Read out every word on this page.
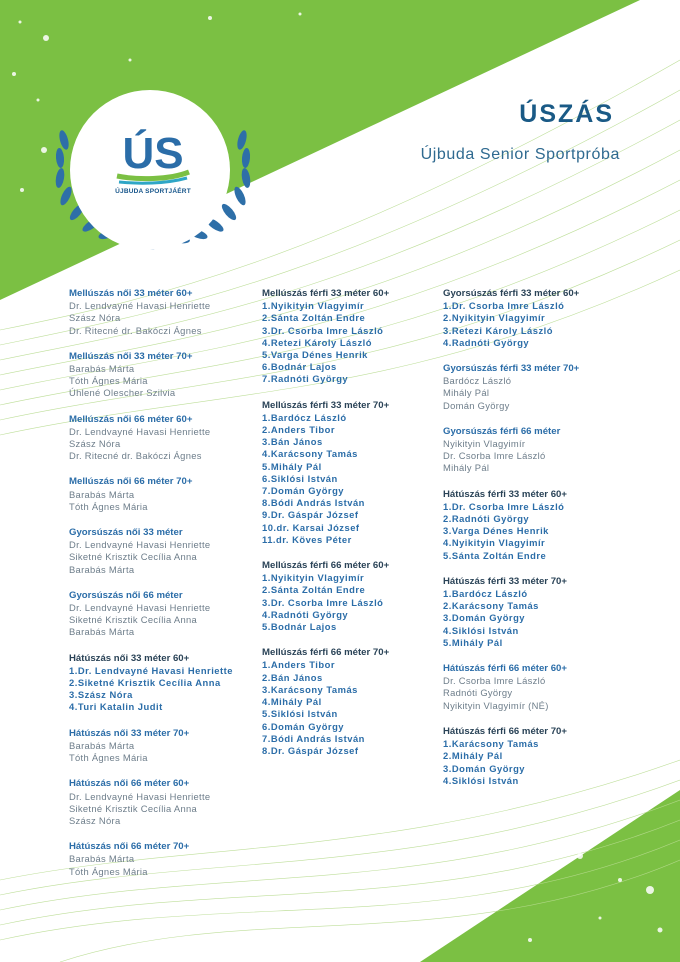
ÚS
ÚJBUDA SPORTJÁÉRT
ÚSZÁS
Újbuda Senior Sportpróba
Mellúszás női 33 méter 60+
Dr. Lendvayné Havasi Henriette
Szász Nóra
Dr. Ritecné dr. Bakóczi Ágnes
Mellúszás női 33 méter 70+
Barabás Márta
Tóth Ágnes Mária
Úhlené Olescher Szilvia
Mellúszás női 66 méter 60+
Dr. Lendvayné Havasi Henriette
Szász Nóra
Dr. Ritecné dr. Bakóczi Ágnes
Mellúszás női 66 méter 70+
Barabás Márta
Tóth Ágnes Mária
Gyorsúszás női 33 méter
Dr. Lendvayné Havasi Henriette
Siketné Krisztik Cecília Anna
Barabás Márta
Gyorsúszás női 66 méter
Dr. Lendvayné Havasi Henriette
Siketné Krisztik Cecília Anna
Barabás Márta
Hátúszás női 33 méter 60+
1.Dr. Lendvayné Havasi Henriette
2.Siketné Krisztik Cecília Anna
3.Szász Nóra
4.Turi Katalin Judit
Hátúszás női 33 méter 70+
Barabás Márta
Tóth Ágnes Mária
Hátúszás női 66 méter 60+
Dr. Lendvayné Havasi Henriette
Siketné Krisztik Cecília Anna
Szász Nóra
Hátúszás női 66 méter 70+
Barabás Márta
Tóth Ágnes Mária
Mellúszás férfi 33 méter 60+
1.Nyikityin Vlagyimír
2.Sánta Zoltán Endre
3.Dr. Csorba Imre László
4.Retezi Károly László
5.Varga Dénes Henrik
6.Bodnár Lajos
7.Radnóti György
Mellúszás férfi 33 méter 70+
1.Bardócz László
2.Anders Tibor
3.Bán János
4.Karácsony Tamás
5.Mihály Pál
6.Siklósi István
7.Domán György
8.Bódi András István
9.Dr. Gáspár József
10.dr. Karsai József
11.dr. Köves Péter
Mellúszás férfi 66 méter 60+
1.Nyikityin Vlagyimír
2.Sánta Zoltán Endre
3.Dr. Csorba Imre László
4.Radnóti György
5.Bodnár Lajos
Mellúszás férfi 66 méter 70+
1.Anders Tibor
2.Bán János
3.Karácsony Tamás
4.Mihály Pál
5.Siklósi István
6.Domán György
7.Bódi András István
8.Dr. Gáspár József
Gyorsúszás férfi 33 méter 60+
1.Dr. Csorba Imre László
2.Nyikityin Vlagyimír
3.Retezi Károly László
4.Radnóti György
Gyorsúszás férfi 33 méter 70+
Bardócz László
Mihály Pál
Domán György
Gyorsúszás férfi 66 méter
Nyikityin Vlagyimír
Dr. Csorba Imre László
Mihály Pál
Hátúszás férfi 33 méter 60+
1.Dr. Csorba Imre László
2.Radnóti György
3.Varga Dénes Henrik
4.Nyikityin Vlagyimír
5.Sánta Zoltán Endre
Hátúszás férfi 33 méter 70+
1.Bardócz László
2.Karácsony Tamás
3.Domán György
4.Siklósi István
5.Mihály Pál
Hátúszás férfi 66 méter 60+
Dr. Csorba Imre László
Radnóti György
Nyikityin Vlagyimír (NÉ)
Hátúszás férfi 66 méter 70+
1.Karácsony Tamás
2.Mihály Pál
3.Domán György
4.Siklósi István
